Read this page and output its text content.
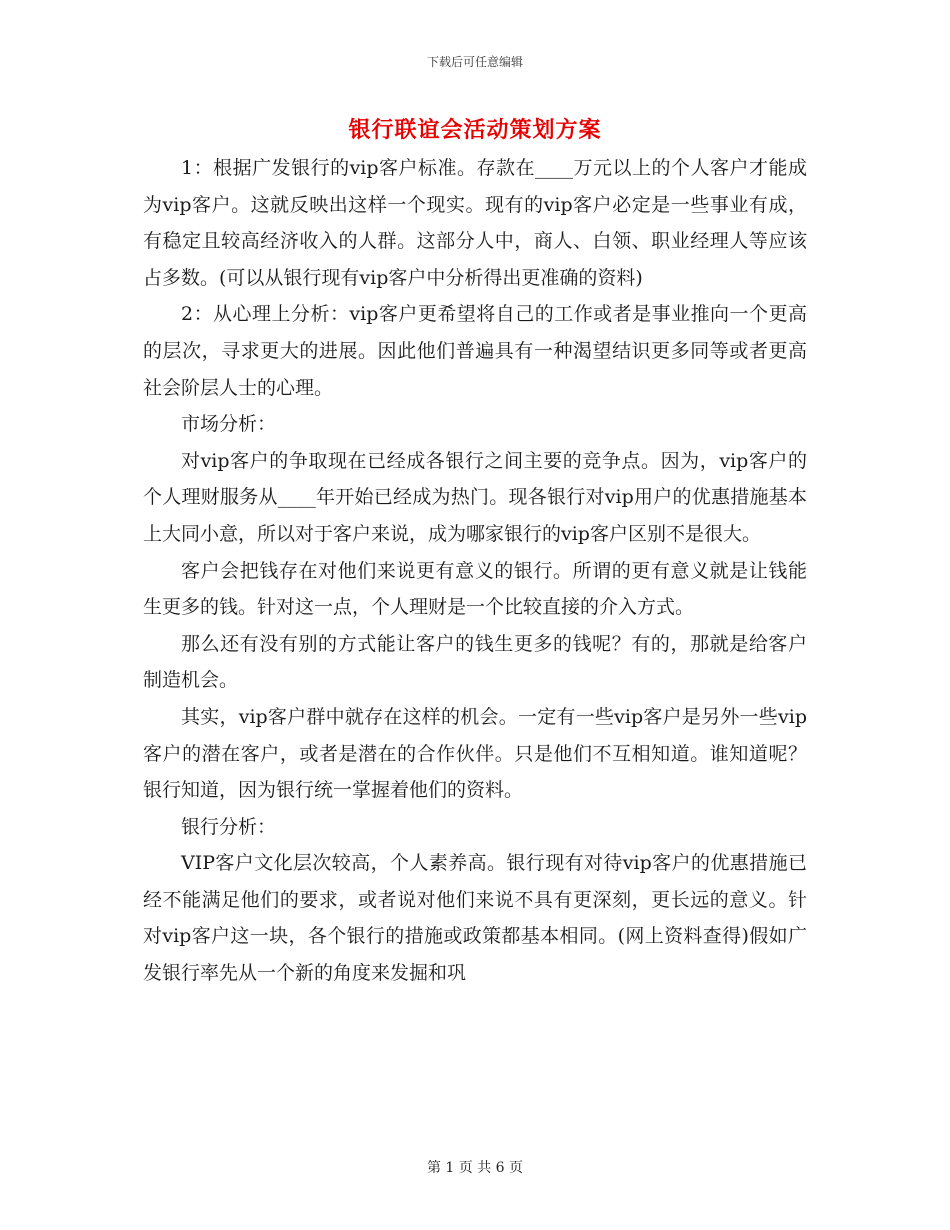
下载后可任意编辑
银行联谊会活动策划方案

1：根据广发银行的vip客户标准。存款在____万元以上的个人客户才能成为vip客户。这就反映出这样一个现实。现有的vip客户必定是一些事业有成，有稳定且较高经济收入的人群。这部分人中，商人、白领、职业经理人等应该占多数。(可以从银行现有vip客户中分析得出更准确的资料)

2：从心理上分析：vip客户更希望将自己的工作或者是事业推向一个更高的层次，寻求更大的进展。因此他们普遍具有一种渴望结识更多同等或者更高社会阶层人士的心理。

市场分析：

对vip客户的争取现在已经成各银行之间主要的竞争点。因为，vip客户的个人理财服务从____年开始已经成为热门。现各银行对vip用户的优惠措施基本上大同小意，所以对于客户来说，成为哪家银行的vip客户区别不是很大。

客户会把钱存在对他们来说更有意义的银行。所谓的更有意义就是让钱能生更多的钱。针对这一点，个人理财是一个比较直接的介入方式。

那么还有没有别的方式能让客户的钱生更多的钱呢？有的，那就是给客户制造机会。

其实，vip客户群中就存在这样的机会。一定有一些vip客户是另外一些vip客户的潜在客户，或者是潜在的合作伙伴。只是他们不互相知道。谁知道呢？银行知道，因为银行统一掌握着他们的资料。

银行分析：

VIP客户文化层次较高，个人素养高。银行现有对待vip客户的优惠措施已经不能满足他们的要求，或者说对他们来说不具有更深刻，更长远的意义。针对vip客户这一块，各个银行的措施或政策都基本相同。(网上资料查得)假如广发银行率先从一个新的角度来发掘和巩

第 1 页 共 6 页
